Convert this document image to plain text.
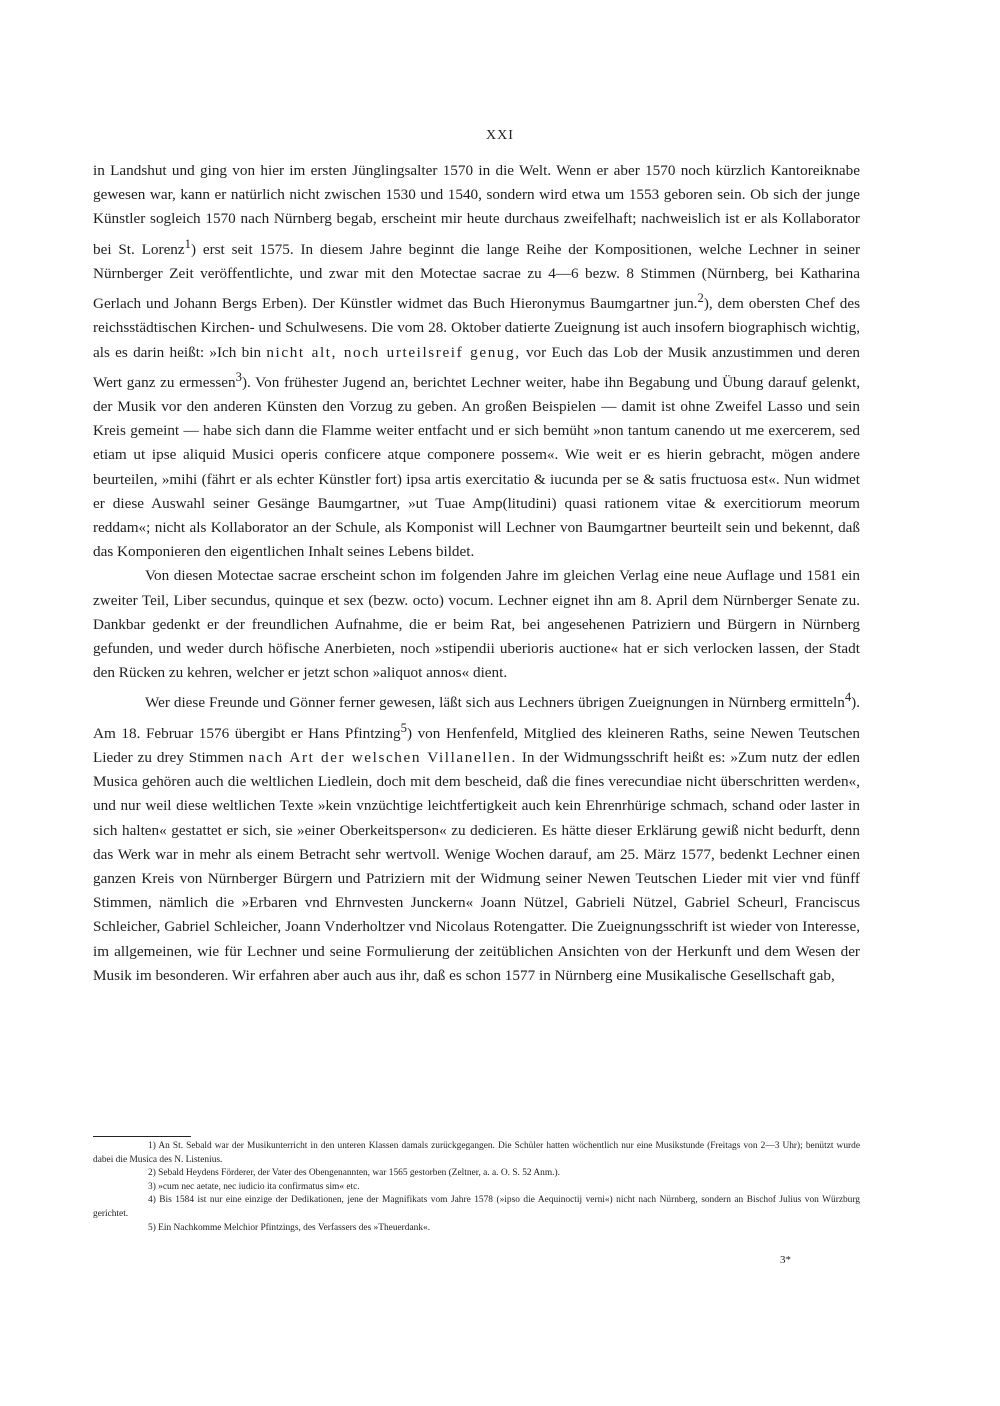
XXI

in Landshut und ging von hier im ersten Jünglingsalter 1570 in die Welt. Wenn er aber 1570 noch kürzlich Kantoreiknabe gewesen war, kann er natürlich nicht zwischen 1530 und 1540, sondern wird etwa um 1553 geboren sein. Ob sich der junge Künstler sogleich 1570 nach Nürnberg begab, erscheint mir heute durchaus zweifelhaft; nachweislich ist er als Kollaborator bei St. Lorenz$^1$) erst seit 1575. In diesem Jahre beginnt die lange Reihe der Kompositionen, welche Lechner in seiner Nürnberger Zeit veröffentlichte, und zwar mit den Motectae sacrae zu 4—6 bezw. 8 Stimmen (Nürnberg, bei Katharina Gerlach und Johann Bergs Erben). Der Künstler widmet das Buch Hieronymus Baumgartner jun.$^2$), dem obersten Chef des reichsstädtischen Kirchen- und Schulwesens. Die vom 28. Oktober datierte Zueignung ist auch insofern biographisch wichtig, als es darin heißt: »Ich bin nicht alt, noch urteilsreif genug, vor Euch das Lob der Musik anzustimmen und deren Wert ganz zu ermessen$^3$). Von frühester Jugend an, berichtet Lechner weiter, habe ihn Begabung und Übung darauf gelenkt, der Musik vor den anderen Künsten den Vorzug zu geben. An großen Beispielen — damit ist ohne Zweifel Lasso und sein Kreis gemeint — habe sich dann die Flamme weiter entfacht und er sich bemüht »non tantum canendo ut me exercerem, sed etiam ut ipse aliquid Musici operis conficere atque componere possem«. Wie weit er es hierin gebracht, mögen andere beurteilen, »mihi (fährt er als echter Künstler fort) ipsa artis exercitatio & iucunda per se & satis fructuosa est«. Nun widmet er diese Auswahl seiner Gesänge Baumgartner, »ut Tuae Amp(litudini) quasi rationem vitae & exercitiorum meorum reddam«; nicht als Kollaborator an der Schule, als Komponist will Lechner von Baumgartner beurteilt sein und bekennt, daß das Komponieren den eigentlichen Inhalt seines Lebens bildet.

Von diesen Motectae sacrae erscheint schon im folgenden Jahre im gleichen Verlag eine neue Auflage und 1581 ein zweiter Teil, Liber secundus, quinque et sex (bezw. octo) vocum. Lechner eignet ihn am 8. April dem Nürnberger Senate zu. Dankbar gedenkt er der freundlichen Aufnahme, die er beim Rat, bei angesehenen Patriziern und Bürgern in Nürnberg gefunden, und weder durch höfische Anerbieten, noch »stipendii uberioris auctione« hat er sich verlocken lassen, der Stadt den Rücken zu kehren, welcher er jetzt schon »aliquot annos« dient.

Wer diese Freunde und Gönner ferner gewesen, läßt sich aus Lechners übrigen Zueignungen in Nürnberg ermitteln$^4$). Am 18. Februar 1576 übergibt er Hans Pfintzing$^5$) von Henfenfeld, Mitglied des kleineren Raths, seine Newen Teutschen Lieder zu drey Stimmen nach Art der welschen Villanellen. In der Widmungsschrift heißt es: »Zum nutz der edlen Musica gehören auch die weltlichen Liedlein, doch mit dem bescheid, daß die fines verecundiae nicht überschritten werden«, und nur weil diese weltlichen Texte »kein vnzüchtige leichtfertigkeit auch kein Ehrenrhürige schmach, schand oder laster in sich halten« gestattet er sich, sie »einer Oberkeitsperson« zu dedicieren. Es hätte dieser Erklärung gewiß nicht bedurft, denn das Werk war in mehr als einem Betracht sehr wertvoll. Wenige Wochen darauf, am 25. März 1577, bedenkt Lechner einen ganzen Kreis von Nürnberger Bürgern und Patriziern mit der Widmung seiner Newen Teutschen Lieder mit vier vnd fünff Stimmen, nämlich die »Erbaren vnd Ehrnvesten Junckern« Joann Nützel, Gabrieli Nützel, Gabriel Scheurl, Franciscus Schleicher, Gabriel Schleicher, Joann Vnderholtzer vnd Nicolaus Rotengatter. Die Zueignungsschrift ist wieder von Interesse, im allgemeinen, wie für Lechner und seine Formulierung der zeitüblichen Ansichten von der Herkunft und dem Wesen der Musik im besonderen. Wir erfahren aber auch aus ihr, daß es schon 1577 in Nürnberg eine Musikalische Gesellschaft gab,

1) An St. Sebald war der Musikunterricht in den unteren Klassen damals zurückgegangen. Die Schüler hatten wöchentlich nur eine Musikstunde (Freitags von 2—3 Uhr); benützt wurde dabei die Musica des N. Listenius.

2) Sebald Heydens Förderer, der Vater des Obengenannten, war 1565 gestorben (Zeltner, a. a. O. S. 52 Anm.).

3) »cum nec aetate, nec iudicio ita confirmatus sim« etc.

4) Bis 1584 ist nur eine einzige der Dedikationen, jene der Magnifikats vom Jahre 1578 (»ipso die Aequinoctij verni«) nicht nach Nürnberg, sondern an Bischof Julius von Würzburg gerichtet.

5) Ein Nachkomme Melchior Pfintzings, des Verfassers des »Theuerdank«.

3*
